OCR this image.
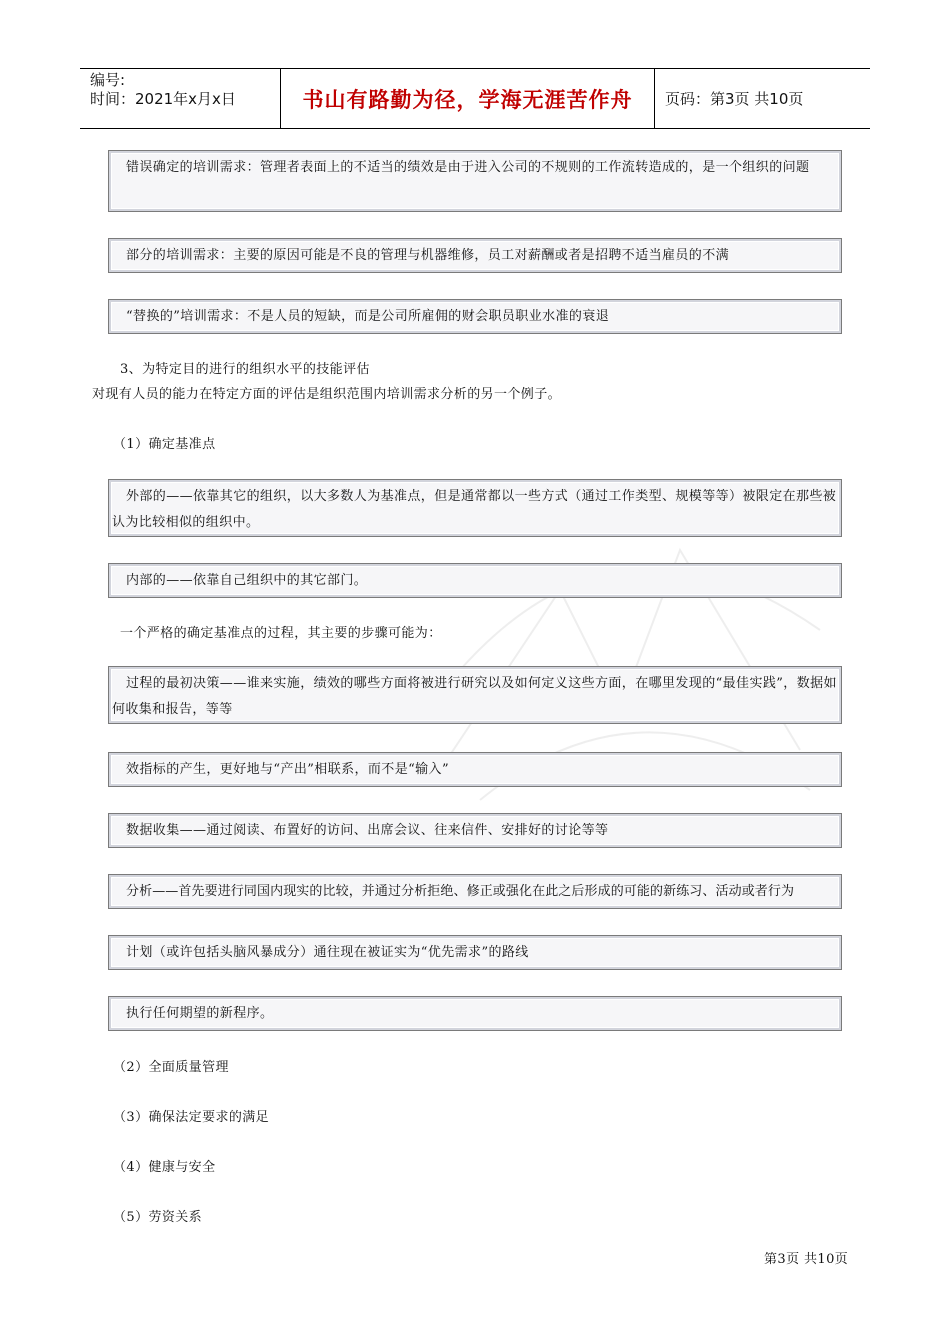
编号:
时间：2021年x月x日	书山有路勤为径，学海无涯苦作舟	页码：第3页 共10页
错误确定的培训需求：管理者表面上的不适当的绩效是由于进入公司的不规则的工作流转造成的，是一个组织的问题
部分的培训需求：主要的原因可能是不良的管理与机器维修，员工对薪酬或者是招聘不适当雇员的不满
“替换的”培训需求：不是人员的短缺，而是公司所雇佣的财会职员职业水准的衰退
3、为特定目的进行的组织水平的技能评估
对现有人员的能力在特定方面的评估是组织范围内培训需求分析的另一个例子。
（1）确定基准点
外部的——依靠其它的组织，以大多数人为基准点，但是通常都以一些方式（通过工作类型、规模等等）被限定在那些被认为比较相似的组织中。
内部的——依靠自己组织中的其它部门。
一个严格的确定基准点的过程，其主要的步骤可能为：
过程的最初决策——谁来实施，绩效的哪些方面将被进行研究以及如何定义这些方面，在哪里发现的“最佳实践”，数据如何收集和报告，等等
效指标的产生，更好地与“产出”相联系，而不是“输入”
数据收集——通过阅读、布置好的访问、出席会议、往来信件、安排好的讨论等等
分析——首先要进行同国内现实的比较，并通过分析拒绝、修正或强化在此之后形成的可能的新练习、活动或者行为
计划（或许包括头脑风暴成分）通往现在被证实为“优先需求”的路线
执行任何期望的新程序。
（2）全面质量管理
（3）确保法定要求的满足
（4）健康与安全
（5）劳资关系
第3页 共10页
